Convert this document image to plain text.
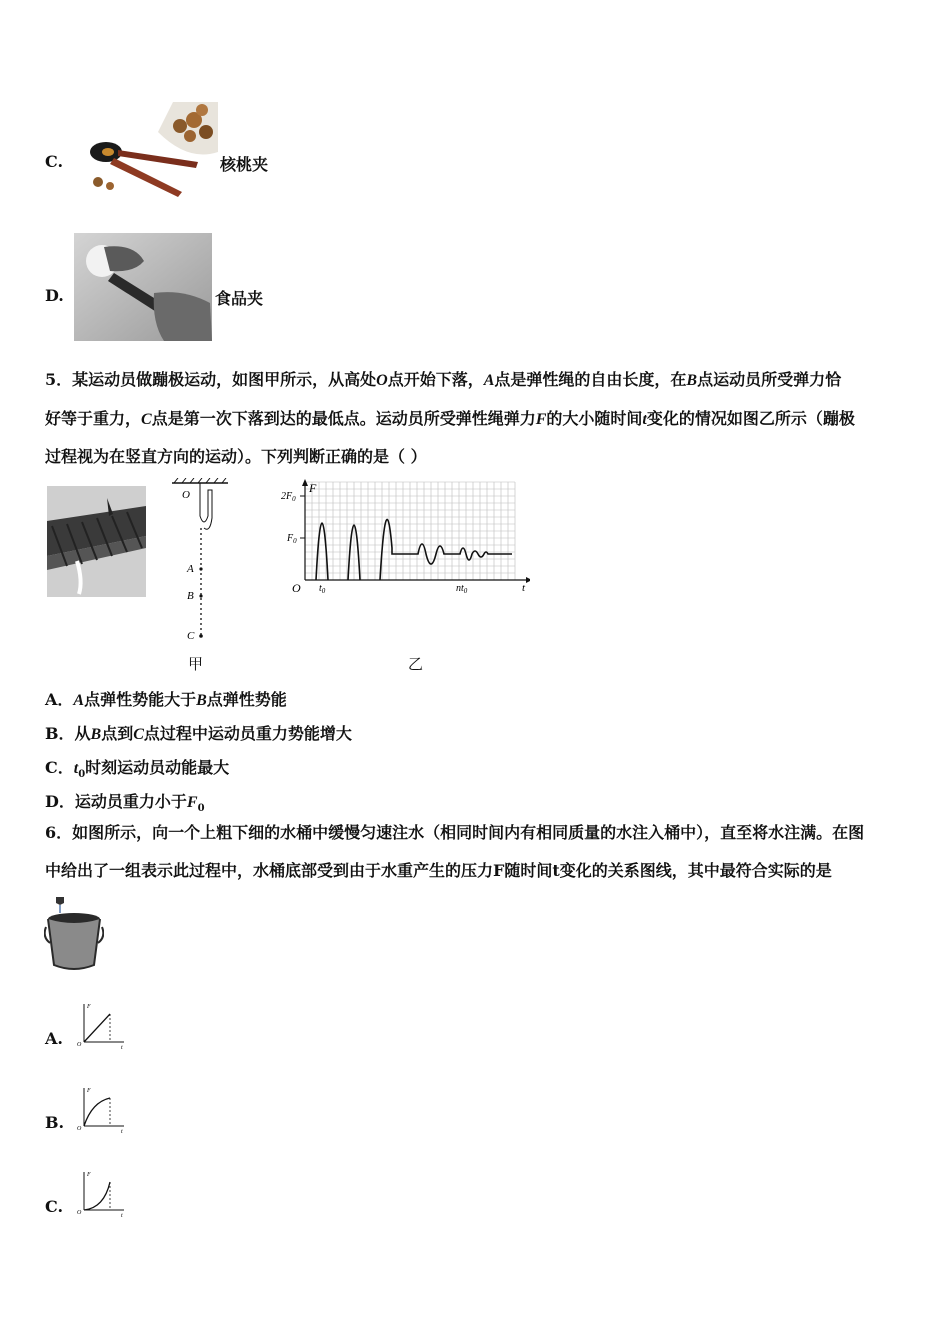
C.	核桃夹
D.	食品夹
5．某运动员做蹦极运动，如图甲所示，从高处O点开始下落，A点是弹性绳的自由长度，在B点运动员所受弹力恰
好等于重力，C点是第一次下落到达的最低点。运动员所受弹性绳弹力F的大小随时间t变化的情况如图乙所示（蹦极
过程视为在竖直方向的运动）。下列判断正确的是（ ）
O
A
B
C
甲
F
$2F_0$
$F_0$
O $t_0$	$nt_0$	t
乙
A．A点弹性势能大于B点弹性势能
B．从B点到C点过程中运动员重力势能增大
C．$t_0$时刻运动员动能最大
D．运动员重力小于$F_0$
6．如图所示，向一个上粗下细的水桶中缓慢匀速注水（相同时间内有相同质量的水注入桶中），直至将水注满。在图
中给出了一组表示此过程中，水桶底部受到由于水重产生的压力F随时间t变化的关系图线，其中最符合实际的是
A.
F
O	t
B.
F
O	t
C.
F
O	t
